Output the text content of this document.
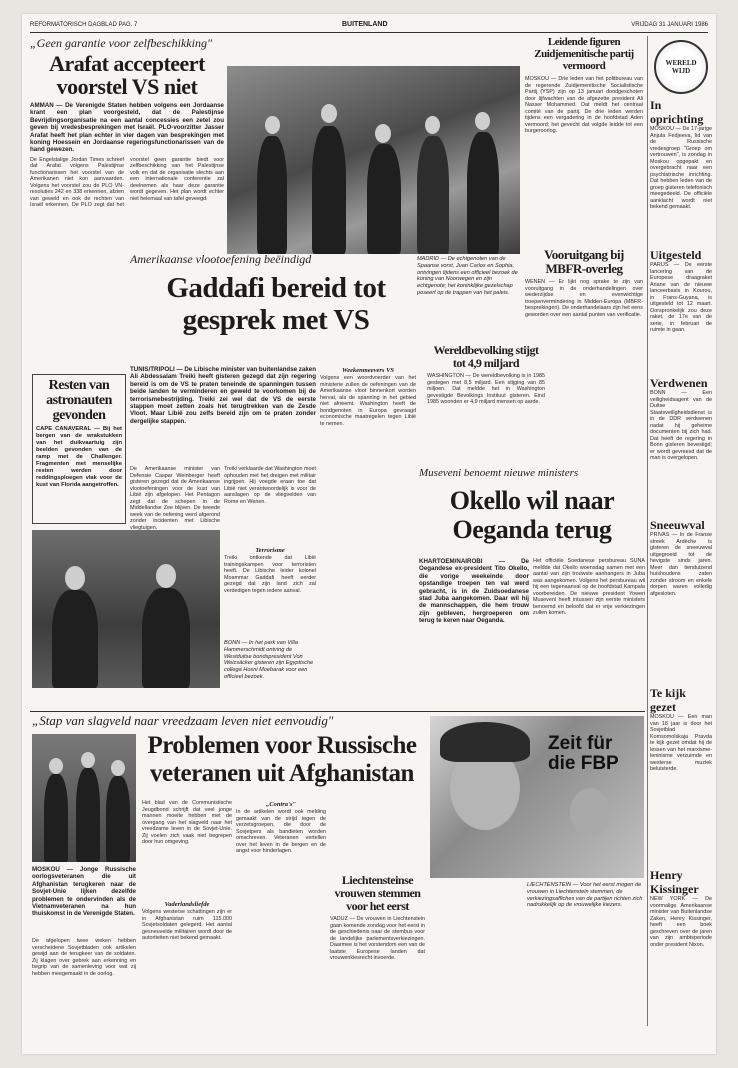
REFORMATORISCH DAGBLAD PAG. 7	BUITENLAND	VRIJDAG 31 JANUARI 1986
„Geen garantie voor zelfbeschikking"
Arafat accepteert voorstel VS niet
AMMAN — De Verenigde Staten hebben volgens een Jordaanse krant een plan voorgesteld, dat de Palestijnse Bevrijdingsorganisatie na een aantal concessies een zetel zou geven bij vredesbesprekingen met Israël. PLO-voorzitter Jasser Arafat heeft het plan echter in vier dagen van besprekingen met koning Hoessein en Jordaanse regeringsfunctionarissen van de hand gewezen.
De Engelstalige Jordan Times schreef dat Arafat volgens Palestijnse functionarissen het voorstel van de Amerikanen niet kon aanvaarden. Volgens het voorstel zou de PLO VN-resoluties 242 en 338 erkennen, afzien van geweld en ook de rechten van Israël erkennen. De PLO zegt dat het voorstel geen garantie biedt voor zelfbeschikking van het Palestijnse volk en dat de organisatie slechts aan een internationale conferentie zal deelnemen als haar deze garantie wordt gegeven. Het plan wordt echter niet helemaal van tafel geveegd.
MADRID — De echtgenoten van de Spaanse vorst, Juan Carlos en Sophia, ontvingen tijdens een officieel bezoek de koning van Noorwegen en zijn echtgenote; het koninklijke gezelschap poseert op de trappen van het paleis.
Leidende figuren Zuidjemenitische partij vermoord
MOSKOU — Drie leden van het politbureau van de regerende Zuidjemenitische Socialistische Partij (YSP) zijn op 13 januari doodgeschoten door lijfwachten van de afgezette president Ali Nasser Mohammed. Dat meldt het centraal comité van de partij. De drie leden werden tijdens een vergadering in de hoofdstad Aden vermoord; het gevecht dat volgde leidde tot een burgeroorlog.
Vooruitgang bij MBFR-overleg
WENEN — Er lijkt nog sprake te zijn van vooruitgang in de onderhandelingen over wederzijdse en evenwichtige troepenvermindering in Midden-Europa (MBFR-besprekingen). De onderhandelaars zijn het eens geworden over een aantal punten van verificatie.
Wereldbevolking stijgt tot 4,9 miljard
WASHINGTON — De wereldbevolking is in 1985 gestegen met 8,5 miljard. Een stijging van 85 miljoen. Dat meldde het in Washington gevestigde Bevolkings Instituut gisteren. Eind 1985 woonden er 4,9 miljard mensen op aarde.
WERELD WIJD
In oprichting
MOSKOU — De 17-jarige Anjuta Fedjeeva, lid van de Russische vredesgroep "Groep om vertrouwen", is zondag in Moskou opgepakt en overgebracht naar een psychiatrische inrichting. Dat hebben leden van de groep gisteren telefonisch meegedeeld. De officiële aanklacht wordt niet bekend gemaakt.
Uitgesteld
PARIJS — De eerste lancering van de Europese draagraket Ariane van de nieuwe lanceerbasis in Kourou, in Frans-Guyana, is uitgesteld tot 12 maart. Oorspronkelijk zou deze raket, de 17e van de serie, in februari de ruimte in gaan.
Verdwenen
BONN — Een veiligheidsagent van de Duitse Staatsveiligheidsdienst is in de DDR verdwenen nadat hij geheime documenten bij zich had. Dat heeft de regering in Bonn gisteren bevestigd; er wordt gevreesd dat de man is overgelopen.
Sneeuwval
PRIVAS — In de Franse streek Ardèche is gisteren de sneeuwval uitgegroeid tot de hevigste sinds jaren. Meer dan tienduizend huishoudens zaten zonder stroom en enkele dorpen waren volledig afgesloten.
Te kijk gezet
MOSKOU — Een man van 18 jaar is door het Sovjetblad Komsomolskaja Pravda te kijk gezet omdat hij de lessen van het marxisme-leninisme verzuimde en westerse muziek beluisterde.
Henry Kissinger
NEW YORK — De voormalige Amerikaanse minister van Buitenlandse Zaken, Henry Kissinger, heeft een boek geschreven over de jaren van zijn ambtsperiode onder president Nixon.
Resten van astronauten gevonden
CAPE CANAVERAL — Bij het bergen van de wrakstukken van het duikvaartuig zijn beelden gevonden van de ramp met de Challenger. Fragmenten met menselijke resten werden door reddingsploegen vlak voor de kust van Florida aangetroffen.
Amerikaanse vlootoefening beëindigd
Gaddafi bereid tot gesprek met VS
TUNIS/TRIPOLI — De Libische minister van buitenlandse zaken Ali Abdessalam Treiki heeft gisteren gezegd dat zijn regering bereid is om de VS te praten teneinde de spanningen tussen beide landen te verminderen en geweld te voorkomen bij de terrorismebestrijding. Treiki zei wel dat de VS de eerste stappen moet zetten zoals het terugtrekken van de Zesde Vloot. Maar Libië zou zelfs bereid zijn om te praten zonder dergelijke stappen.
De Amerikaanse minister van Defensie Caspar Weinberger heeft gisteren gezegd dat de Amerikaanse vlootoefeningen voor de kust van Libië zijn afgelopen. Het Pentagon zegt dat de schepen in de Middellandse Zee blijven. De tweede week van de oefening werd afgerond zonder incidenten met Libische vliegtuigen.
Treiki verklaarde dat Washington moet ophouden met het dreigen met militair ingrijpen. Hij voegde eraan toe dat Libië niet verantwoordelijk is voor de aanslagen op de vliegvelden van Rome en Wenen.
Terrorisme
Treiki ontkende dat Libië trainingskampen voor terroristen heeft. De Libische leider kolonel Moammar Gaddafi heeft eerder gezegd dat zijn land zich zal verdedigen tegen iedere aanval.
BONN — In het park van Villa Hammerschmidt ontving de Westduitse bondspresident Von Weizsäcker gisteren zijn Egyptische collega Hosni Moebarak voor een officieel bezoek.
Weekenmeevers VS
Volgens een woordvoerder van het ministerie zullen de oefeningen van de Amerikaanse vloot binnenkort worden hervat, als de spanning in het gebied niet afneemt. Washington heeft de bondgenoten in Europa gevraagd economische maatregelen tegen Libië te nemen.
Museveni benoemt nieuwe ministers
Okello wil naar Oeganda terug
KHARTOEM/NAIROBI — De Oegandese ex-president Tito Okello, die vorige weekeinde door opstandige troepen ten val werd gebracht, is in de Zuidsoedanese stad Juba aangekomen. Daar wil hij de mannschappen, die hem trouw zijn gebleven, hergroeperen om terug te keren naar Oeganda.
Het officiële Soedanese persbureau SUNA meldde dat Okello woensdag samen met een aantal van zijn trouwste aanhangers in Juba was aangekomen. Volgens het persbureau wil hij een tegenaanval op de hoofdstad Kampala voorbereiden. De nieuwe president Yoweri Museveni heeft intussen zijn eerste ministers benoemd en beloofd dat er vrije verkiezingen zullen komen.
„Stap van slagveld naar vreedzaam leven niet eenvoudig"
Problemen voor Russische veteranen uit Afghanistan
MOSKOU — Jonge Russische oorlogsveteranen die uit Afghanistan terugkeren naar de Sovjet-Unie lijken dezelfde problemen te ondervinden als de Vietnamveteranen na hun thuiskomst in de Verenigde Staten.
De afgelopen twee weken hebben verscheidene Sovjetbladen ook artikelen gewijd aan de terugkeer van de soldaten. Zij klagen over gebrek aan erkenning en begrip van de samenleving voor wat zij hebben meegemaakt in de oorlog.
Het blad van de Communistische Jeugdbond schrijft dat veel jonge mannen moeite hebben met de overgang van het slagveld naar het vreedzame leven in de Sovjet-Unie. Zij voelen zich vaak niet begrepen door hun omgeving.
Vaderlandsliefde
Volgens westerse schattingen zijn er in Afghanistan ruim 115.000 Sovjetsoldaten gelegerd. Het aantal gesneuvelde militairen wordt door de autoriteiten niet bekend gemaakt.
„Contra's"
In de artikelen wordt ook melding gemaakt van de strijd tegen de verzetsgroepen, die door de Sovjetpers als bandieten worden omschreven. Veteranen vertellen over het leven in de bergen en de angst voor hinderlagen.
Liechtensteinse vrouwen stemmen voor het eerst
VADUZ — De vrouwen in Liechtenstein gaan komende zondag voor het eerst in de geschiedenis naar de stembus voor de landelijke parlementsverkiezingen. Daarmee is het vorstendom een van de laatste Europese landen dat vrouwenkiesrecht invoerde.
Zeit für die FBP
LIECHTENSTEIN — Voor het eerst mogen de vrouwen in Liechtenstein stemmen; de verkiezingsaffiches van de partijen richten zich nadrukkelijk op de vrouwelijke kiezers.
